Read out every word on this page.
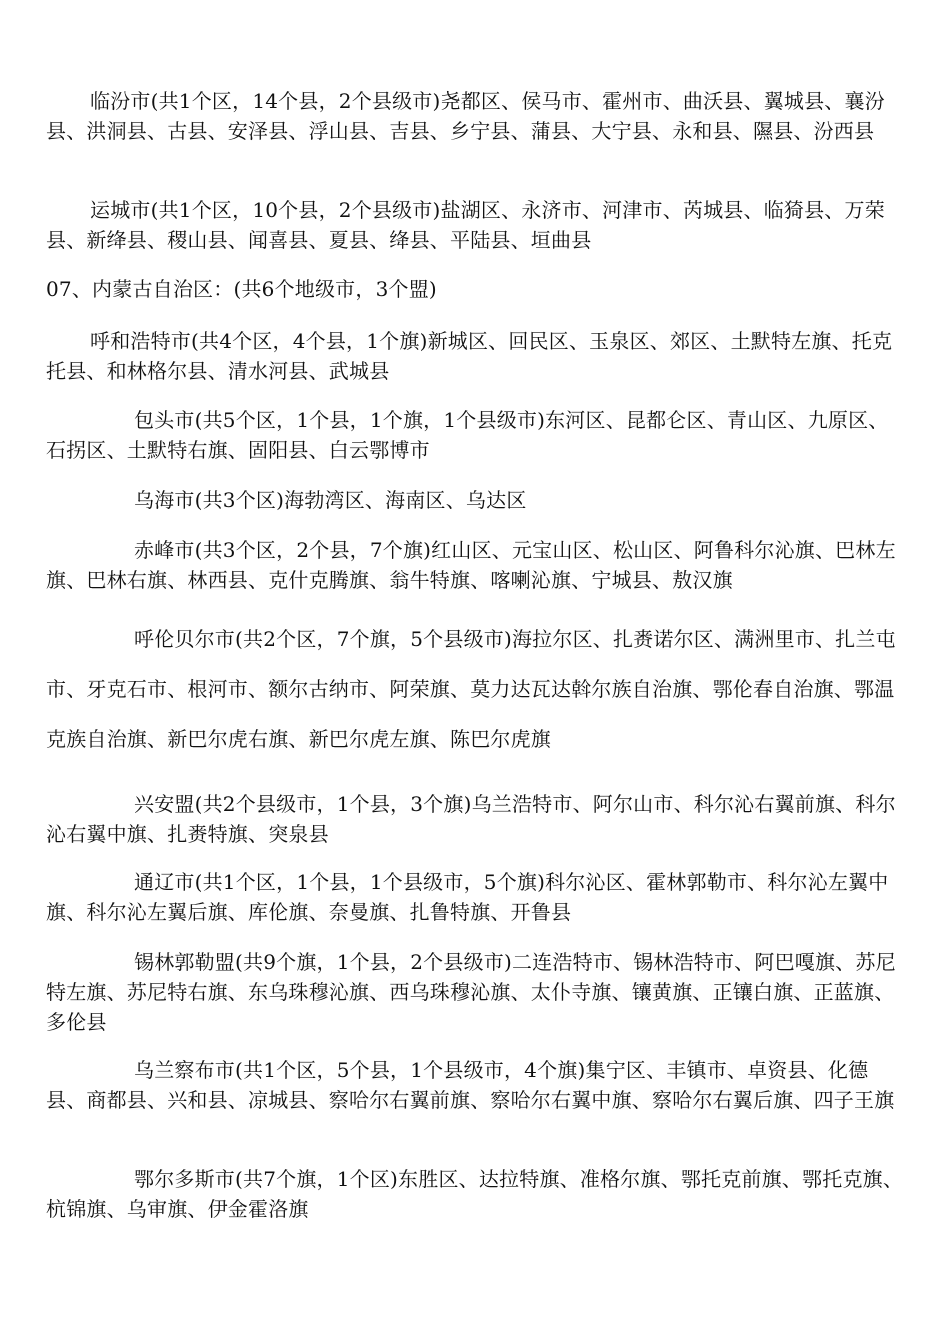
临汾市(共1个区，14个县，2个县级市)尧都区、侯马市、霍州市、曲沃县、翼城县、襄汾县、洪洞县、古县、安泽县、浮山县、吉县、乡宁县、蒲县、大宁县、永和县、隰县、汾西县

运城市(共1个区，10个县，2个县级市)盐湖区、永济市、河津市、芮城县、临猗县、万荣县、新绛县、稷山县、闻喜县、夏县、绛县、平陆县、垣曲县

07、内蒙古自治区：(共6个地级市，3个盟)

呼和浩特市(共4个区，4个县，1个旗)新城区、回民区、玉泉区、郊区、土默特左旗、托克托县、和林格尔县、清水河县、武城县

包头市(共5个区，1个县，1个旗，1个县级市)东河区、昆都仑区、青山区、九原区、石拐区、土默特右旗、固阳县、白云鄂博市

乌海市(共3个区)海勃湾区、海南区、乌达区

赤峰市(共3个区，2个县，7个旗)红山区、元宝山区、松山区、阿鲁科尔沁旗、巴林左旗、巴林右旗、林西县、克什克腾旗、翁牛特旗、喀喇沁旗、宁城县、敖汉旗

呼伦贝尔市(共2个区，7个旗，5个县级市)海拉尔区、扎赉诺尔区、满洲里市、扎兰屯市、牙克石市、根河市、额尔古纳市、阿荣旗、莫力达瓦达斡尔族自治旗、鄂伦春自治旗、鄂温克族自治旗、新巴尔虎右旗、新巴尔虎左旗、陈巴尔虎旗

兴安盟(共2个县级市，1个县，3个旗)乌兰浩特市、阿尔山市、科尔沁右翼前旗、科尔沁右翼中旗、扎赉特旗、突泉县

通辽市(共1个区，1个县，1个县级市，5个旗)科尔沁区、霍林郭勒市、科尔沁左翼中旗、科尔沁左翼后旗、库伦旗、奈曼旗、扎鲁特旗、开鲁县

锡林郭勒盟(共9个旗，1个县，2个县级市)二连浩特市、锡林浩特市、阿巴嘎旗、苏尼特左旗、苏尼特右旗、东乌珠穆沁旗、西乌珠穆沁旗、太仆寺旗、镶黄旗、正镶白旗、正蓝旗、多伦县

乌兰察布市(共1个区，5个县，1个县级市，4个旗)集宁区、丰镇市、卓资县、化德县、商都县、兴和县、凉城县、察哈尔右翼前旗、察哈尔右翼中旗、察哈尔右翼后旗、四子王旗

鄂尔多斯市(共7个旗，1个区)东胜区、达拉特旗、准格尔旗、鄂托克前旗、鄂托克旗、杭锦旗、乌审旗、伊金霍洛旗
